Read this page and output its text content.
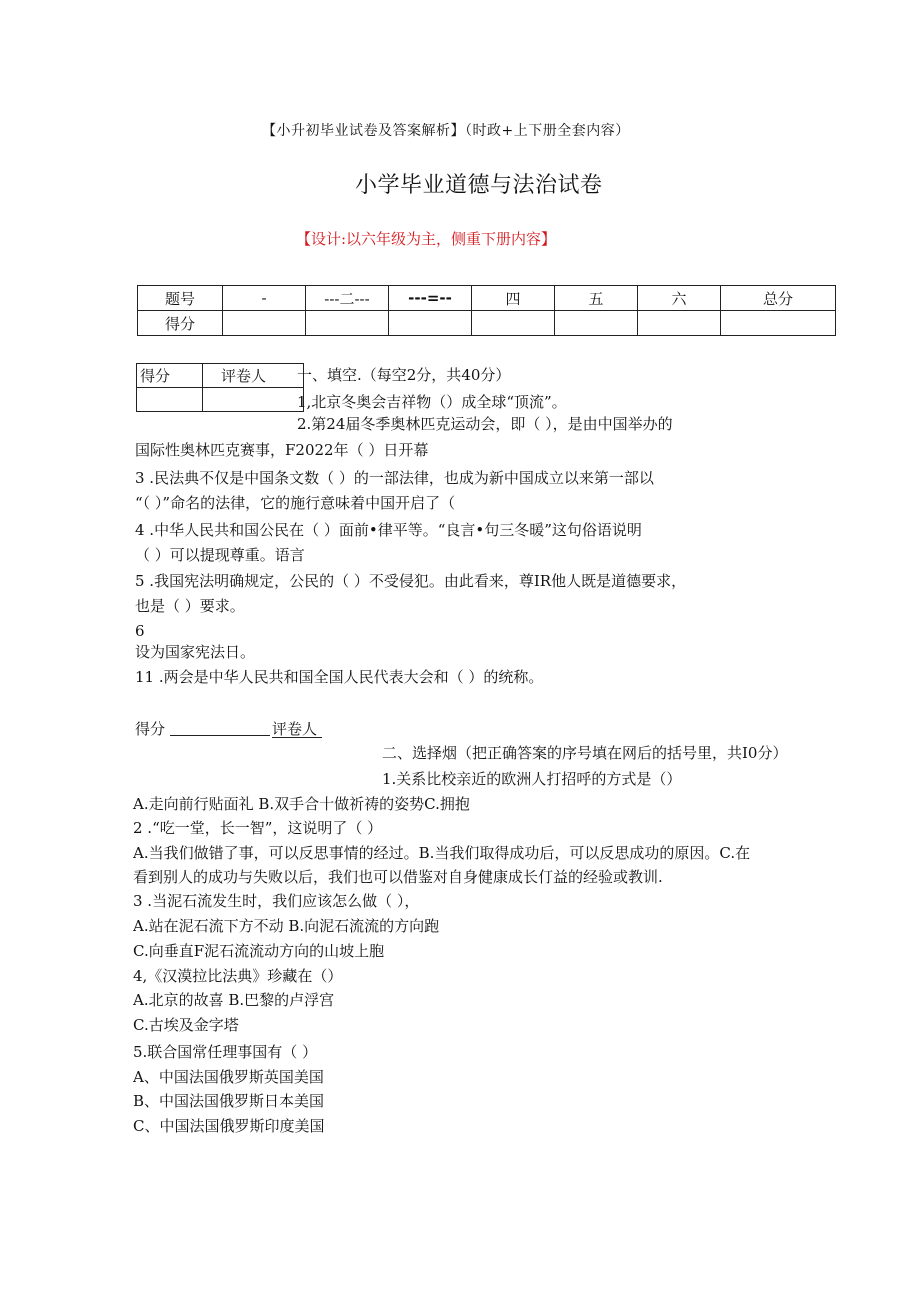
【小升初毕业试卷及答案解析】（时政+上下册全套内容）
小学毕业道德与法治试卷
【设计:以六年级为主，侧重下册内容】
题号	-	---二---	---=--	四	五	六	总分
得分							
得分	评卷人
	一、填空.（每空2分，共40分）
1,北京冬奥会吉祥物（）成全球“顶流”。
2.第24届冬季奥林匹克运动会，即（ ），是由中国举办的
国际性奥林匹克赛事，F2022年（ ）日开幕
3 .民法典不仅是中国条文数（ ）的一部法律，也成为新中国成立以来第一部以
“（ ）”命名的法律，它的施行意味着中国开启了（
4 .中华人民共和国公民在（ ）面前•律平等。“良言•句三冬暖”这句俗语说明
（ ）可以提现尊重。语言
5 .我国宪法明确规定，公民的（ ）不受侵犯。由此看来，尊IR他人既是道德要求，
也是（ ）要求。
6
设为国家宪法日。
11 .两会是中华人民共和国全国人民代表大会和（ ）的统称。
得分	评卷人
二、选择烟（把正确答案的序号填在网后的括号里，共I0分）
1.关系比校亲近的欧洲人打招呼的方式是（）
A.走向前行贴面礼 B.双手合十做祈祷的姿势C.拥抱
2 .“吃一堂，长一智”，这说明了（ ）
A.当我们做错了事，可以反思事情的经过。B.当我们取得成功后，可以反思成功的原因。C.在
看到别人的成功与失败以后，我们也可以借鉴对自身健康成长仃益的经验或教训.
3 .当泥石流发生时，我们应该怎么做（ ），
A.站在泥石流下方不动 B.向泥石流流的方向跑
C.向垂直F泥石流流动方向的山坡上胞
4,《汉漠拉比法典》珍藏在（）
A.北京的故喜 B.巴黎的卢浮宫
C.古埃及金字塔
5.联合国常任理事国有（ ）
A、中国法国俄罗斯英国美国
B、中国法国俄罗斯日本美国
C、中国法国俄罗斯印度美国
